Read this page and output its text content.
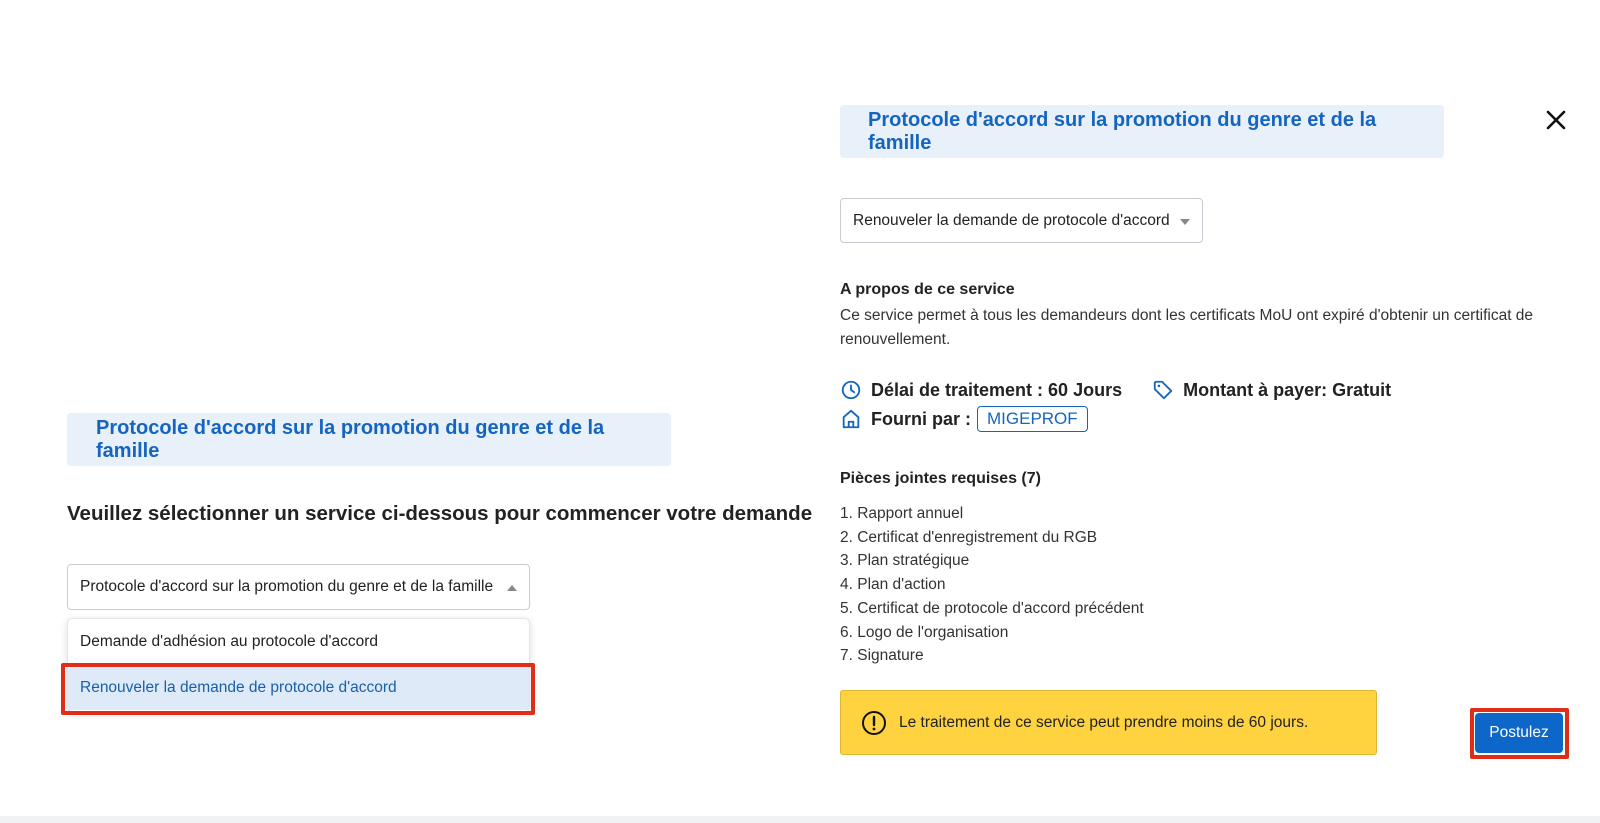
Protocole d'accord sur la promotion du genre et de la famille
Veuillez sélectionner un service ci-dessous pour commencer votre demande
Protocole d'accord sur la promotion du genre et de la famille
Demande d'adhésion au protocole d'accord
Renouveler la demande de protocole d'accord
Protocole d'accord sur la promotion du genre et de la famille
Renouveler la demande de protocole d'accord
A propos de ce service
Ce service permet à tous les demandeurs dont les certificats MoU ont expiré d'obtenir un certificat de renouvellement.
Délai de traitement : 60 Jours	Montant à payer: Gratuit
Fourni par : MIGEPROF
Pièces jointes requises (7)
1. Rapport annuel
2. Certificat d'enregistrement du RGB
3. Plan stratégique
4. Plan d'action
5. Certificat de protocole d'accord précédent
6. Logo de l'organisation
7. Signature
Le traitement de ce service peut prendre moins de 60 jours.
Postulez
